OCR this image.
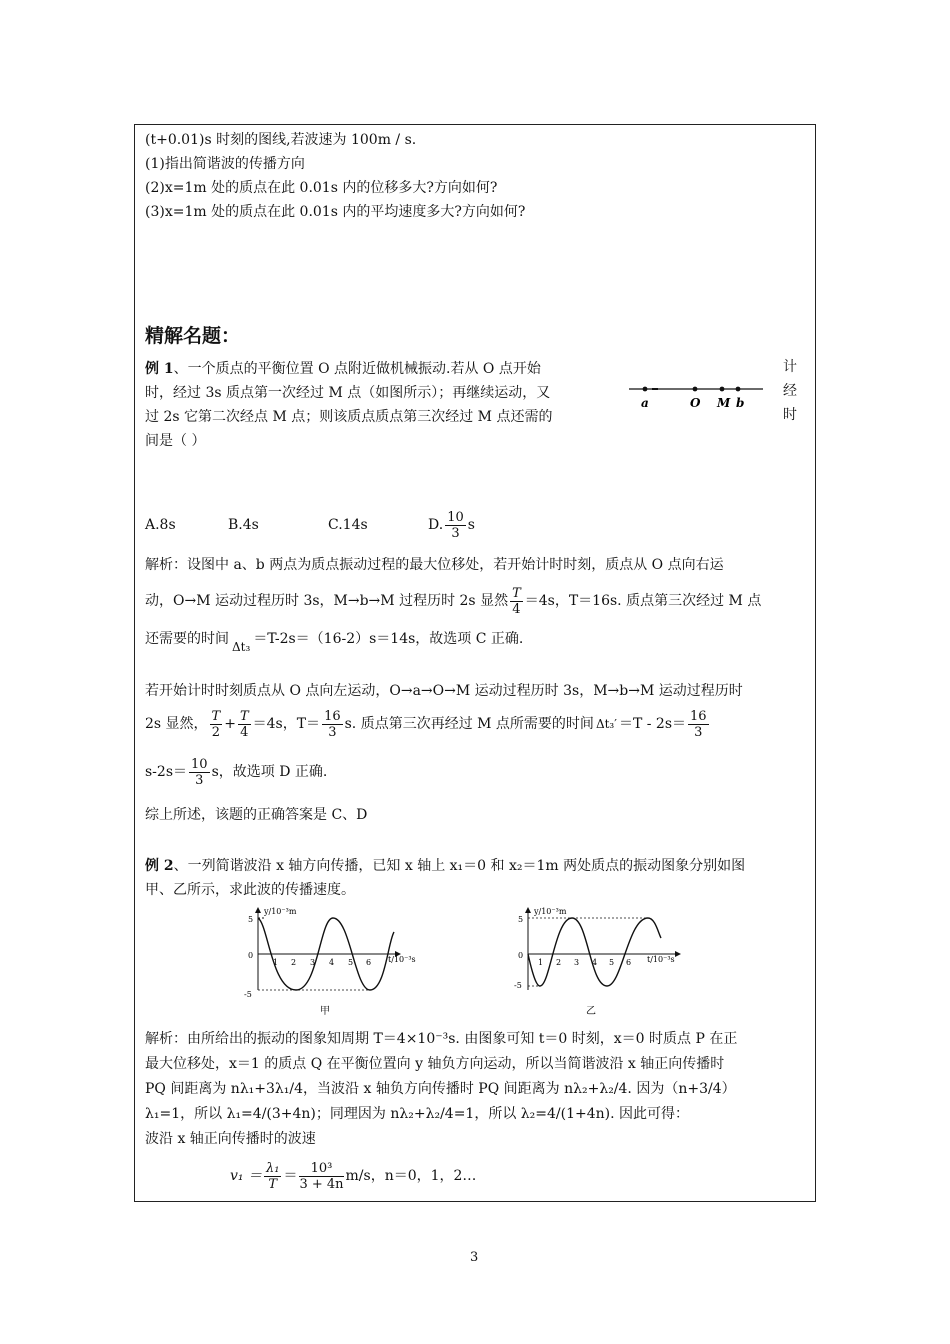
(t+0.01)s 时刻的图线,若波速为 100m / s.
(1)指出简谐波的传播方向
(2)x=1m 处的质点在此 0.01s 内的位移多大?方向如何?
(3)x=1m 处的质点在此 0.01s 内的平均速度多大?方向如何?
精解名题：
例 1、一个质点的平衡位置 O 点附近做机械振动.若从 O 点开始
时，经过 3s 质点第一次经过 M 点（如图所示）；再继续运动，又
过 2s 它第二次经点 M 点；则该质点质点第三次经过 M 点还需的
间是（ ）
计
经
时
a	O M b
A.8s	B.4s	C.14s	D. $\frac{10}{3}$ s
解析：设图中 a、b 两点为质点振动过程的最大位移处，若开始计时时刻，质点从 O 点向右运
动，O→M 运动过程历时 3s，M→b→M 过程历时 2s 显然 $\frac{T}{4} =4s$，T＝16s. 质点第三次经过 M 点
还需要的时间 Δt₃ ＝T-2s＝（16-2）s＝14s，故选项 C 正确.
若开始计时时刻质点从 O 点向左运动，O→a→O→M 运动过程历时 3s，M→b→M 运动过程历时
2s 显然， $\frac{T}{2} + \frac{T}{4} =4s$，$T= \frac{16}{3} s$. 质点第三次再经过 M 点所需要的时间 $\Delta t_3' =T - 2s= \frac{16}{3}$
$s-2s= \frac{10}{3}$ s，故选项 D 正确.
综上所述，该题的正确答案是 C、D
例 2、一列简谐波沿 x 轴方向传播，已知 x 轴上 x₁＝0 和 x₂＝1m 两处质点的振动图象分别如图
甲、乙所示，求此波的传播速度。
y/10⁻³m
t/10⁻³s
5
0
-5
1 2 3 4 5 6
甲
y/10⁻³m
t/10⁻³s
5
0
-5
1 2 3 4 5 6
乙
解析：由所给出的振动的图象知周期 T＝4×10⁻³s. 由图象可知 t＝0 时刻，x＝0 时质点 P 在正
最大位移处，x＝1 的质点 Q 在平衡位置向 y 轴负方向运动，所以当简谐波沿 x 轴正向传播时
PQ 间距离为 nλ₁+3λ₁/4，当波沿 x 轴负方向传播时 PQ 间距离为 nλ₂+λ₂/4. 因为（n+3/4）
λ₁=1，所以 λ₁=4/(3+4n)；同理因为 nλ₂+λ₂/4=1，所以 λ₂=4/(1+4n). 因此可得：
波沿 x 轴正向传播时的波速
$v_1 = \frac{\text{λ₁}}{T} = \frac{\text{10³}}{3 + 4n} m/s$，n＝0，1，2…
3
